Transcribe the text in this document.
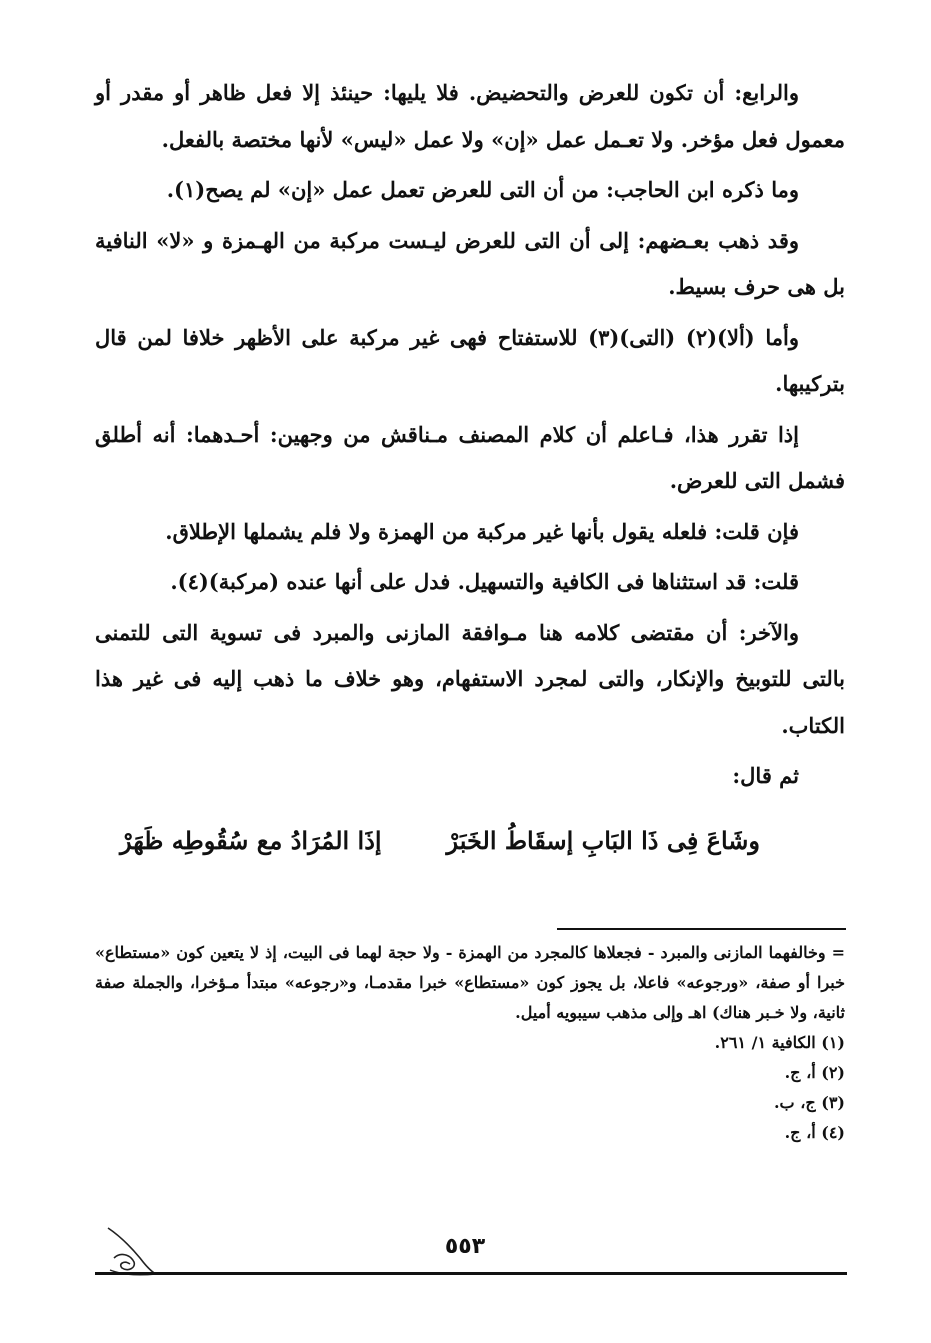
والرابع: أن تكون للعرض والتحضيض. فلا يليها: حينئذ إلا فعل ظاهر أو مقدر أو معمول فعل مؤخر. ولا تعـمل عمل «إن» ولا عمل «ليس» لأنها مختصة بالفعل.

وما ذكره ابن الحاجب: من أن التى للعرض تعمل عمل «إن» لم يصح(١).

وقد ذهب بعـضهم: إلى أن التى للعرض ليـست مركبة من الهـمزة و «لا» النافية بل هى حرف بسيط.

وأما (ألا)(٢) (التى)(٣) للاستفتاح فهى غير مركبة على الأظهر خلافا لمن قال بتركيبها.

إذا تقرر هذا، فـاعلم أن كلام المصنف مـناقش من وجهين: أحـدهما: أنه أطلق فشمل التى للعرض.

فإن قلت: فلعله يقول بأنها غير مركبة من الهمزة ولا فلم يشملها الإطلاق.

قلت: قد استثناها فى الكافية والتسهيل. فدل على أنها عنده (مركبة)(٤).

والآخر: أن مقتضى كلامه هنا مـوافقة المازنى والمبرد فى تسوية التى للتمنى بالتى للتوبيخ والإنكار، والتى لمجرد الاستفهام، وهو خلاف ما ذهب إليه فى غير هذا الكتاب.

ثم قال:

وشَاعَ فِى ذَا البَابِ إسقَاطُ الخَبَرْ
إذَا المُرَادُ مع سُقُوطِه ظَهَرْ

= وخالفهما المازنى والمبرد - فجعلاها كالمجرد من الهمزة - ولا حجة لهما فى البيت، إذ لا يتعين كون «مستطاع» خبرا أو صفة، «ورجوعه» فاعلا، بل يجوز كون «مستطاع» خبرا مقدمـا، و«رجوعه» مبتدأ مـؤخرا، والجملة صفة ثانية، ولا خـبر هناك) اهـ وإلى مذهب سيبويه أميل.

(١) الكافية ١/ ٢٦١.

(٢) أ، ج.

(٣) ج، ب.

(٤) أ، ج.

٥٥٣
